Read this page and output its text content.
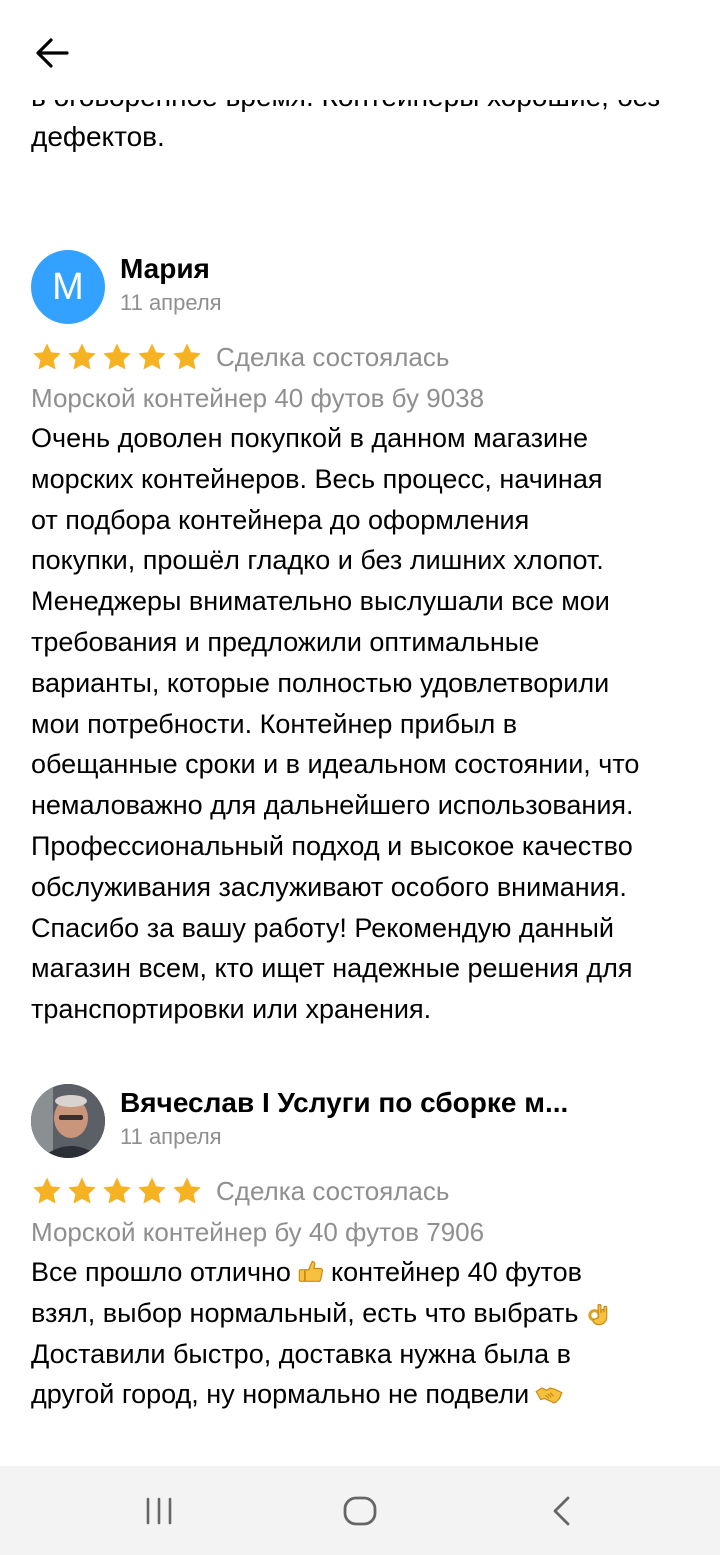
дефектов.
М Мария
11 апреля
Сделка состоялась
Морской контейнер 40 футов бу 9038
Очень доволен покупкой в данном магазине
морских контейнеров. Весь процесс, начиная
от подбора контейнера до оформления
покупки, прошёл гладко и без лишних хлопот.
Менеджеры внимательно выслушали все мои
требования и предложили оптимальные
варианты, которые полностью удовлетворили
мои потребности. Контейнер прибыл в
обещанные сроки и в идеальном состоянии, что
немаловажно для дальнейшего использования.
Профессиональный подход и высокое качество
обслуживания заслуживают особого внимания.
Спасибо за вашу работу! Рекомендую данный
магазин всем, кто ищет надежные решения для
транспортировки или хранения.
Вячеслав I Услуги по сборке м...
11 апреля
Сделка состоялась
Морской контейнер бу 40 футов 7906
Все прошло отлично контейнер 40 футов
взял, выбор нормальный, есть что выбрать
Доставили быстро, доставка нужна была в
другой город, ну нормально не подвели
